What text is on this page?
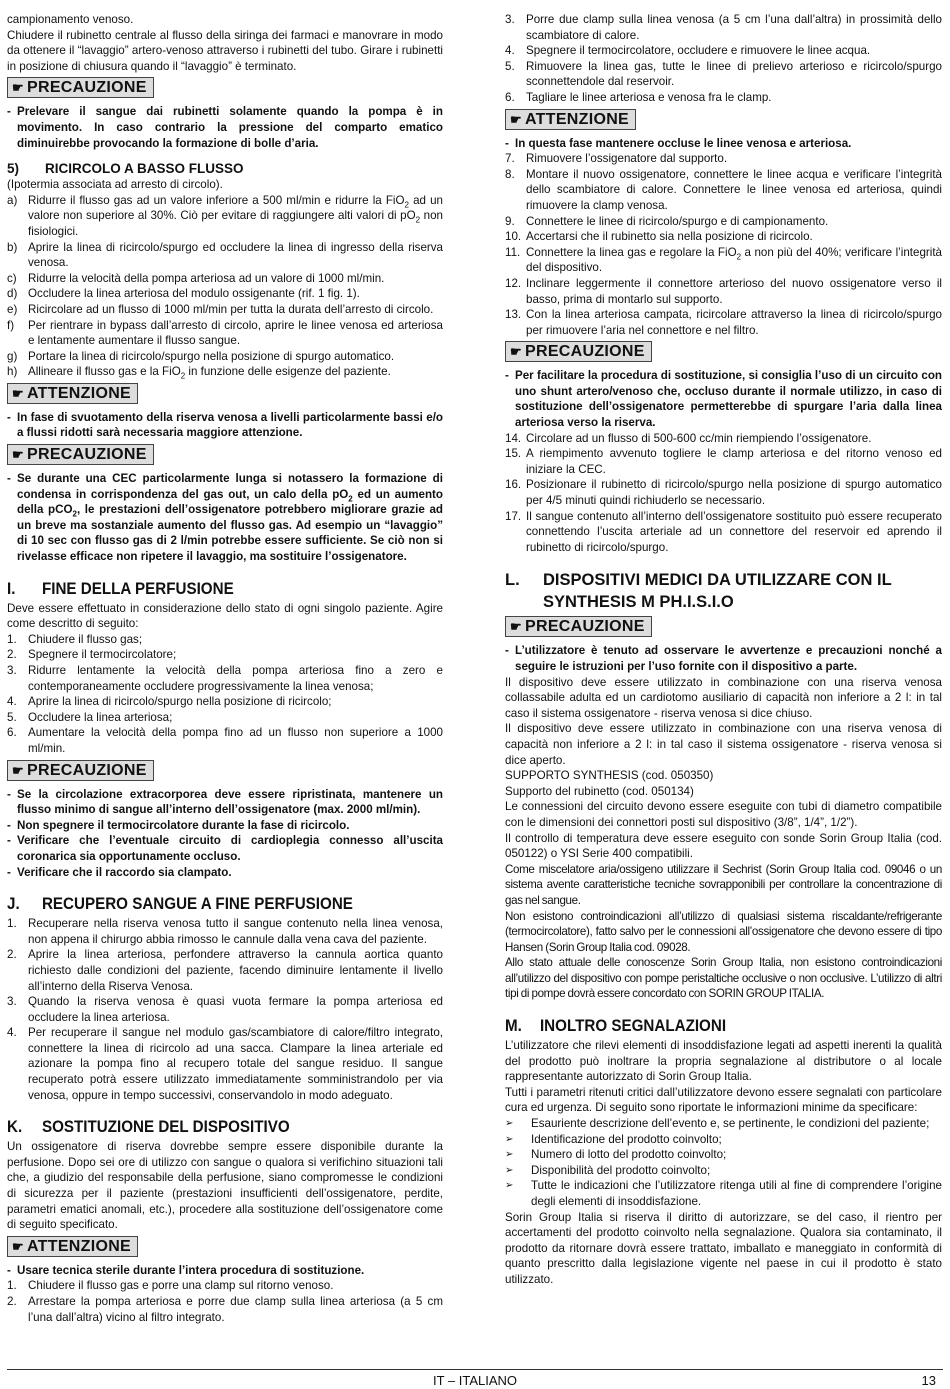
campionamento venoso.

Chiudere il rubinetto centrale al flusso della siringa dei farmaci e manovrare in modo da ottenere il “lavaggio” artero-venoso attraverso i rubinetti del tubo. Girare i rubinetti in posizione di chiusura quando il “lavaggio” è terminato.

☛ PRECAUZIONE
- Prelevare il sangue dai rubinetti solamente quando la pompa è in movimento. In caso contrario la pressione del comparto ematico diminuirebbe provocando la formazione di bolle d’aria.
5) RICIRCOLO A BASSO FLUSSO

(Ipotermia associata ad arresto di circolo).

a) Ridurre il flusso gas ad un valore inferiore a 500 ml/min e ridurre la FiO$_2$ ad un valore non superiore al 30%. Ciò per evitare di raggiungere alti valori di $pO_2$ non fisiologici.
b) Aprire la linea di ricircolo/spurgo ed occludere la linea di ingresso della riserva venosa.
c) Ridurre la velocità della pompa arteriosa ad un valore di 1000 ml/min.
d) Occludere la linea arteriosa del modulo ossigenante (rif. 1 fig. 1).
e) Ricircolare ad un flusso di 1000 ml/min per tutta la durata dell’arresto di circolo.
f) Per rientrare in bypass dall’arresto di circolo, aprire le linee venosa ed arteriosa e lentamente aumentare il flusso sangue.
g) Portare la linea di ricircolo/spurgo nella posizione di spurgo automatico.
h) Allineare il flusso gas e la FiO$_2$ in funzione delle esigenze del paziente.
☛ ATTENZIONE
- In fase di svuotamento della riserva venosa a livelli particolarmente bassi e/o a flussi ridotti sarà necessaria maggiore attenzione.
☛ PRECAUZIONE
- Se durante una CEC particolarmente lunga si notassero la formazione di condensa in corrispondenza del gas out, un calo della $pO_2$ ed un aumento della pCO$_2$, le prestazioni dell’ossigenatore potrebbero migliorare grazie ad un breve ma sostanziale aumento del flusso gas. Ad esempio un “lavaggio” di 10 sec con flusso gas di 2 l/min potrebbe essere sufficiente. Se ciò non si rivelasse efficace non ripetere il lavaggio, ma sostituire l’ossigenatore.
I. FINE DELLA PERFUSIONE

Deve essere effettuato in considerazione dello stato di ogni singolo paziente. Agire come descritto di seguito:

1. Chiudere il flusso gas;
2. Spegnere il termocircolatore;
3. Ridurre lentamente la velocità della pompa arteriosa fino a zero e contemporaneamente occludere progressivamente la linea venosa;
4. Aprire la linea di ricircolo/spurgo nella posizione di ricircolo;
5. Occludere la linea arteriosa;
6. Aumentare la velocità della pompa fino ad un flusso non superiore a 1000 ml/min.
☛ PRECAUZIONE
- Se la circolazione extracorporea deve essere ripristinata, mantenere un flusso minimo di sangue all’interno dell’ossigenatore (max. 2000 ml/min).
- Non spegnere il termocircolatore durante la fase di ricircolo.
- Verificare che l’eventuale circuito di cardioplegia connesso all’uscita coronarica sia opportunamente occluso.
- Verificare che il raccordo sia clampato.
J. RECUPERO SANGUE A FINE PERFUSIONE
1. Recuperare nella riserva venosa tutto il sangue contenuto nella linea venosa, non appena il chirurgo abbia rimosso le cannule dalla vena cava del paziente.
2. Aprire la linea arteriosa, perfondere attraverso la cannula aortica quanto richiesto dalle condizioni del paziente, facendo diminuire lentamente il livello all’interno della Riserva Venosa.
3. Quando la riserva venosa è quasi vuota fermare la pompa arteriosa ed occludere la linea arteriosa.
4. Per recuperare il sangue nel modulo gas/scambiatore di calore/filtro integrato, connettere la linea di ricircolo ad una sacca. Clampare la linea arteriale ed azionare la pompa fino al recupero totale del sangue residuo. Il sangue recuperato potrà essere utilizzato immediatamente somministrandolo per via venosa, oppure in tempo successivi, conservandolo in modo adeguato.
K. SOSTITUZIONE DEL DISPOSITIVO

Un ossigenatore di riserva dovrebbe sempre essere disponibile durante la perfusione. Dopo sei ore di utilizzo con sangue o qualora si verifichino situazioni tali che, a giudizio del responsabile della perfusione, siano compromesse le condizioni di sicurezza per il paziente (prestazioni insufficienti dell’ossigenatore, perdite, parametri ematici anomali, etc.), procedere alla sostituzione dell’ossigenatore come di seguito specificato.

☛ ATTENZIONE
- Usare tecnica sterile durante l’intera procedura di sostituzione.
1. Chiudere il flusso gas e porre una clamp sul ritorno venoso.
2. Arrestare la pompa arteriosa e porre due clamp sulla linea arteriosa (a 5 cm l’una dall’altra) vicino al filtro integrato.
3. Porre due clamp sulla linea venosa (a 5 cm l’una dall’altra) in prossimità dello scambiatore di calore.
4. Spegnere il termocircolatore, occludere e rimuovere le linee acqua.
5. Rimuovere la linea gas, tutte le linee di prelievo arterioso e ricircolo/spurgo sconnettendole dal reservoir.
6. Tagliare le linee arteriosa e venosa fra le clamp.
☛ ATTENZIONE
- In questa fase mantenere occluse le linee venosa e arteriosa.
7. Rimuovere l’ossigenatore dal supporto.
8. Montare il nuovo ossigenatore, connettere le linee acqua e verificare l’integrità dello scambiatore di calore. Connettere le linee venosa ed arteriosa, quindi rimuovere la clamp venosa.
9. Connettere le linee di ricircolo/spurgo e di campionamento.
10. Accertarsi che il rubinetto sia nella posizione di ricircolo.
11. Connettere la linea gas e regolare la FiO$_2$ a non più del 40%; verificare l’integrità del dispositivo.
12. Inclinare leggermente il connettore arterioso del nuovo ossigenatore verso il basso, prima di montarlo sul supporto.
13. Con la linea arteriosa campata, ricircolare attraverso la linea di ricircolo/spurgo per rimuovere l’aria nel connettore e nel filtro.
☛ PRECAUZIONE
- Per facilitare la procedura di sostituzione, si consiglia l’uso di un circuito con uno shunt artero/venoso che, occluso durante il normale utilizzo, in caso di sostituzione dell’ossigenatore permetterebbe di spurgare l’aria dalla linea arteriosa verso la riserva.
14. Circolare ad un flusso di 500-600 cc/min riempiendo l’ossigenatore.
15. A riempimento avvenuto togliere le clamp arteriosa e del ritorno venoso ed iniziare la CEC.
16. Posizionare il rubinetto di ricircolo/spurgo nella posizione di spurgo automatico per 4/5 minuti quindi richiuderlo se necessario.
17. Il sangue contenuto all’interno dell’ossigenatore sostituito può essere recuperato connettendo l’uscita arteriale ad un connettore del reservoir ed aprendo il rubinetto di ricircolo/spurgo.
L. DISPOSITIVI MEDICI DA UTILIZZARE CON IL SYNTHESIS M PH.I.S.I.O
☛ PRECAUZIONE
- L’utilizzatore è tenuto ad osservare le avvertenze e precauzioni nonché a seguire le istruzioni per l’uso fornite con il dispositivo a parte.

Il dispositivo deve essere utilizzato in combinazione con una riserva venosa collassabile adulta ed un cardiotomo ausiliario di capacità non inferiore a 2 l: in tal caso il sistema ossigenatore - riserva venosa si dice chiuso.

Il dispositivo deve essere utilizzato in combinazione con una riserva venosa di capacità non inferiore a 2 l: in tal caso il sistema ossigenatore - riserva venosa si dice aperto.

SUPPORTO SYNTHESIS (cod. 050350)

Supporto del rubinetto (cod. 050134)

Le connessioni del circuito devono essere eseguite con tubi di diametro compatibile con le dimensioni dei connettori posti sul dispositivo (3/8”, 1/4”, 1/2”).

Il controllo di temperatura deve essere eseguito con sonde Sorin Group Italia (cod. 050122) o YSI Serie 400 compatibili.

Come miscelatore aria/ossigeno utilizzare il Sechrist (Sorin Group Italia cod. 09046 o un sistema avente caratteristiche tecniche sovrapponibili per controllare la concentrazione di gas nel sangue.

Non esistono controindicazioni all’utilizzo di qualsiasi sistema riscaldante/refrigerante (termocircolatore), fatto salvo per le connessioni all’ossigenatore che devono essere di tipo Hansen (Sorin Group Italia cod. 09028.

Allo stato attuale delle conoscenze Sorin Group Italia, non esistono controindicazioni all’utilizzo del dispositivo con pompe peristaltiche occlusive o non occlusive. L’utilizzo di altri tipi di pompe dovrà essere concordato con SORIN GROUP ITALIA.

M. INOLTRO SEGNALAZIONI

L’utilizzatore che rilevi elementi di insoddisfazione legati ad aspetti inerenti la qualità del prodotto può inoltrare la propria segnalazione al distributore o al locale rappresentante autorizzato di Sorin Group Italia.

Tutti i parametri ritenuti critici dall’utilizzatore devono essere segnalati con particolare cura ed urgenza. Di seguito sono riportate le informazioni minime da specificare:

➢ Esauriente descrizione dell’evento e, se pertinente, le condizioni del paziente;
➢ Identificazione del prodotto coinvolto;
➢ Numero di lotto del prodotto coinvolto;
➢ Disponibilità del prodotto coinvolto;
➢ Tutte le indicazioni che l’utilizzatore ritenga utili al fine di comprendere l’origine degli elementi di insoddisfazione.

Sorin Group Italia si riserva il diritto di autorizzare, se del caso, il rientro per accertamenti del prodotto coinvolto nella segnalazione. Qualora sia contaminato, il prodotto da ritornare dovrà essere trattato, imballato e maneggiato in conformità di quanto prescritto dalla legislazione vigente nel paese in cui il prodotto è stato utilizzato.

IT – ITALIANO	13
